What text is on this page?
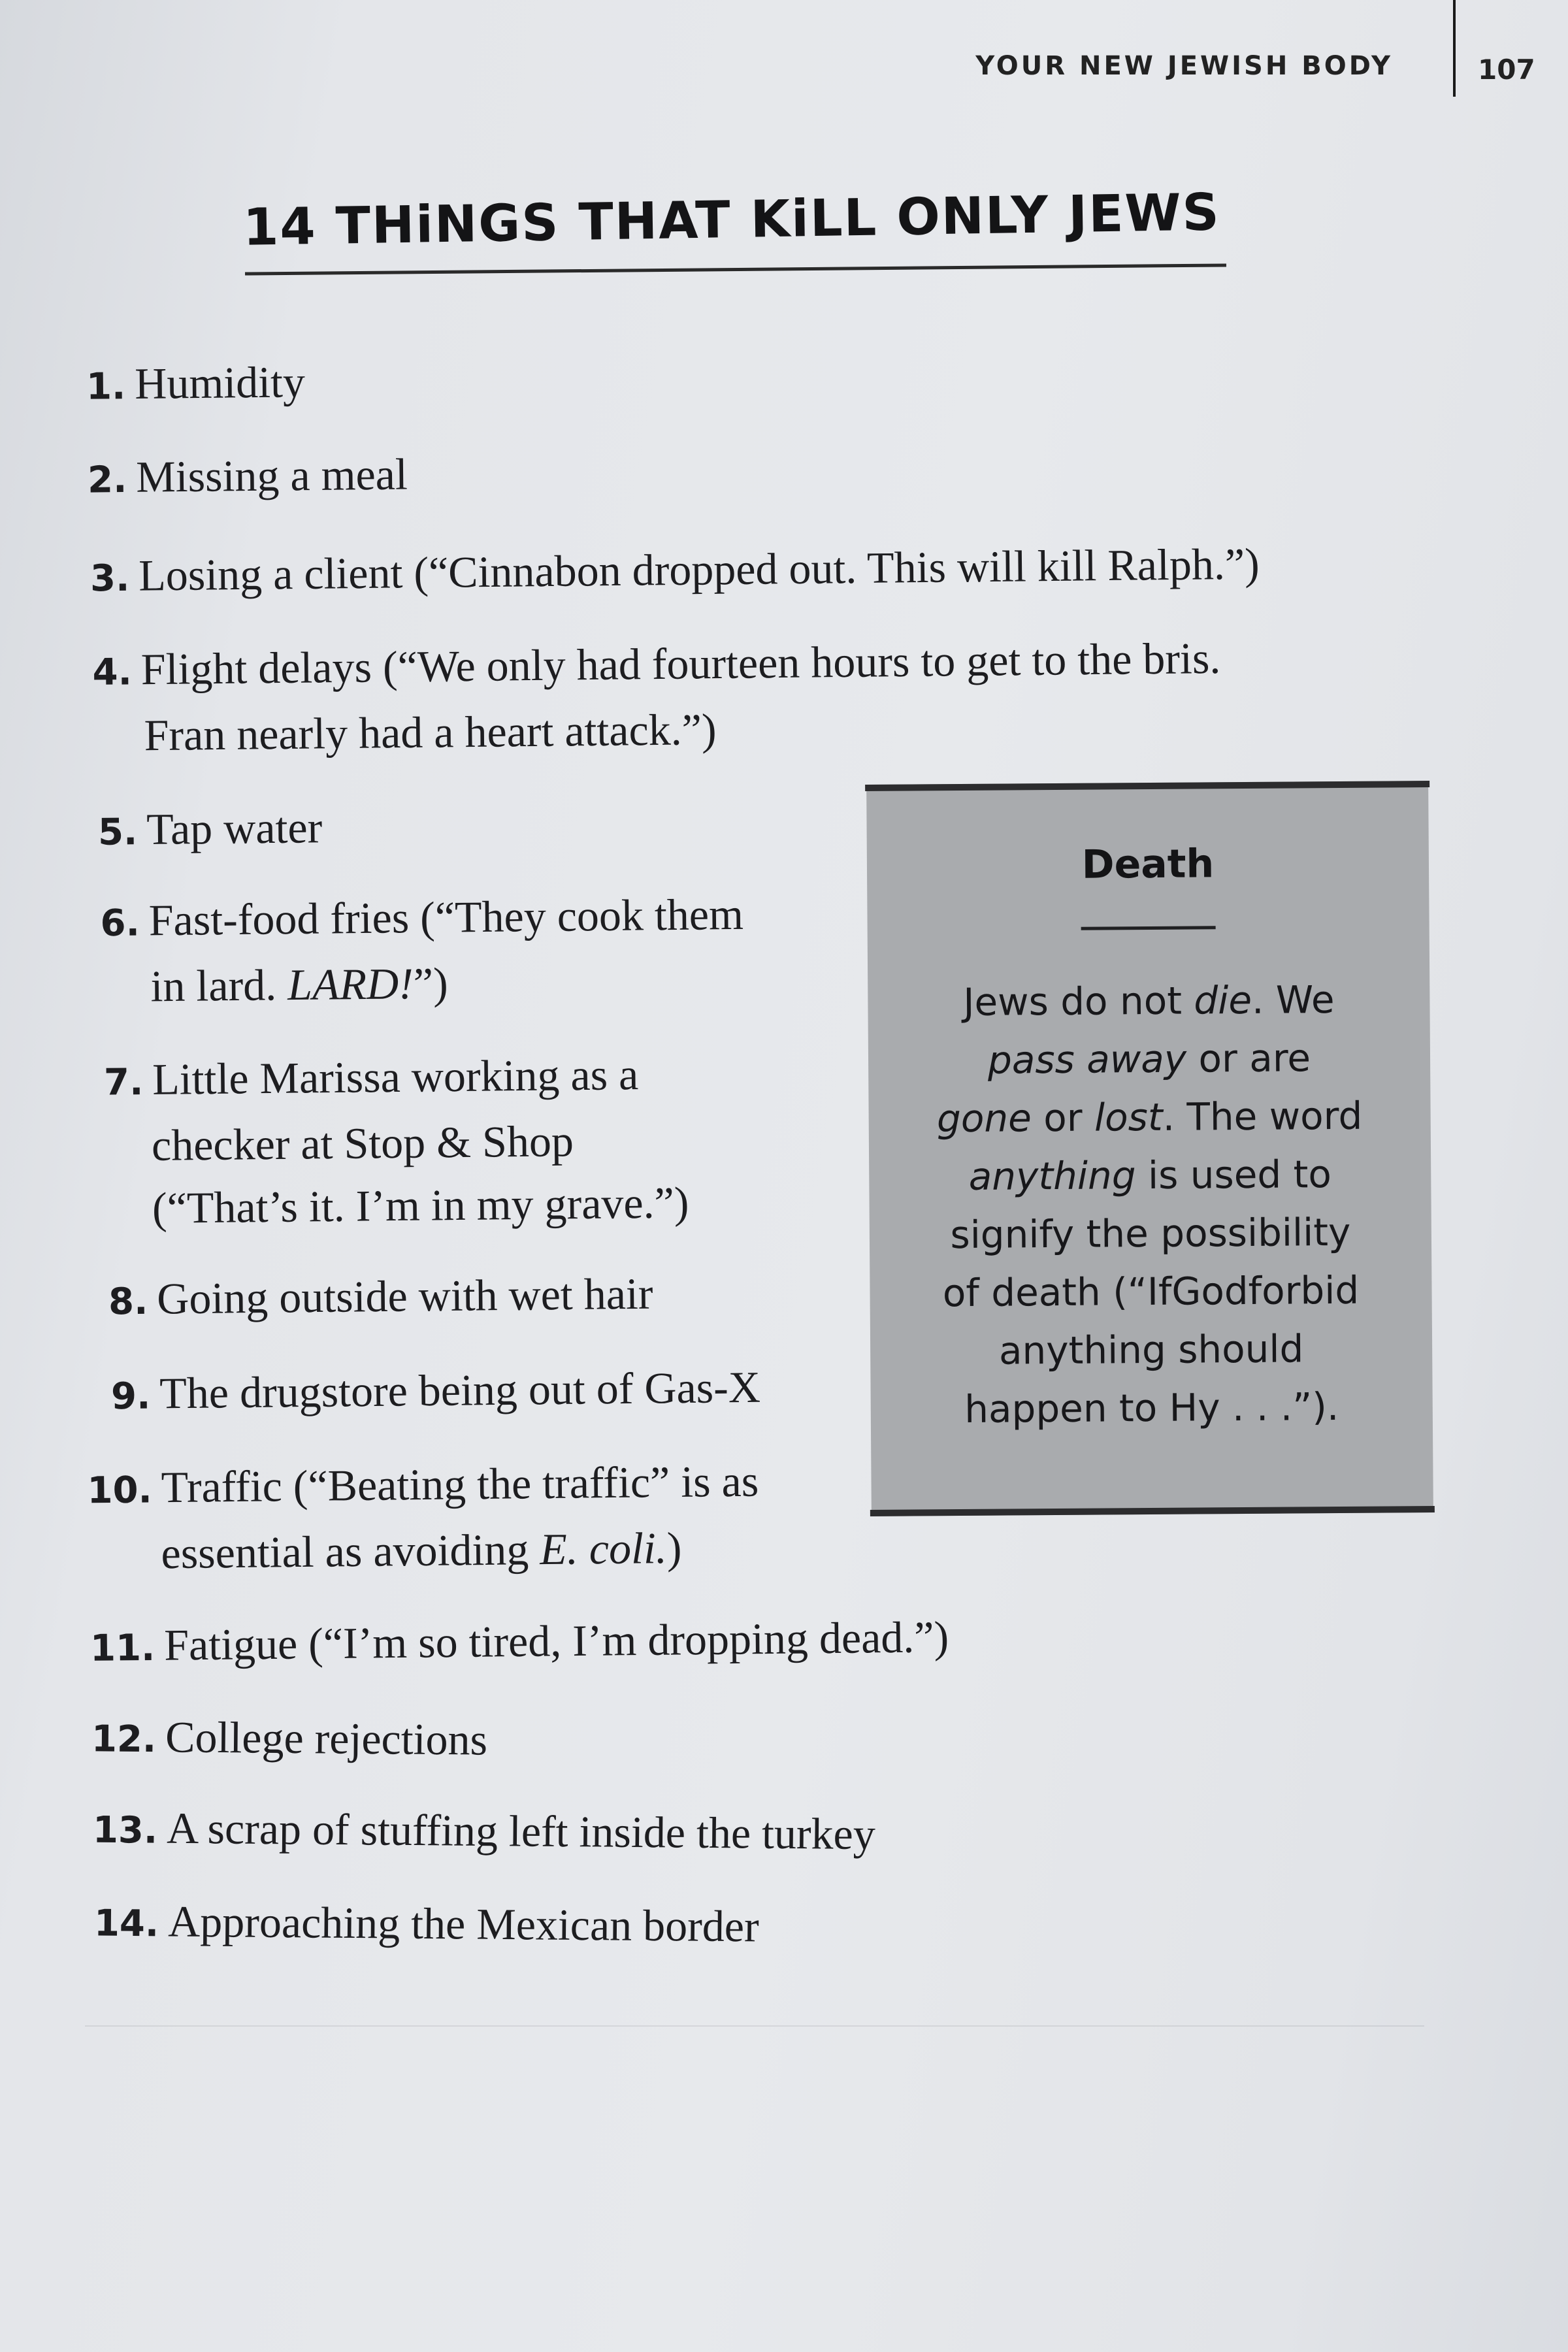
YOUR NEW JEWISH BODY	107
14 THiNGS THAT KiLL ONLY JEWS
1. Humidity
2. Missing a meal
3. Losing a client (“Cinnabon dropped out. This will kill Ralph.”)
4. Flight delays (“We only had fourteen hours to get to the bris.
Fran nearly had a heart attack.”)
5. Tap water
6. Fast-food fries (“They cook them
in lard. LARD!”)
7. Little Marissa working as a
checker at Stop & Shop
(“That’s it. I’m in my grave.”)
8. Going outside with wet hair
9. The drugstore being out of Gas-X
10. Traffic (“Beating the traffic” is as
essential as avoiding E. coli.)
11. Fatigue (“I’m so tired, I’m dropping dead.”)
12. College rejections
13. A scrap of stuffing left inside the turkey
14. Approaching the Mexican border
Death
Jews do not die. We
pass away or are
gone or lost. The word
anything is used to
signify the possibility
of death (“IfGodforbid
anything should
happen to Hy . . .”).
